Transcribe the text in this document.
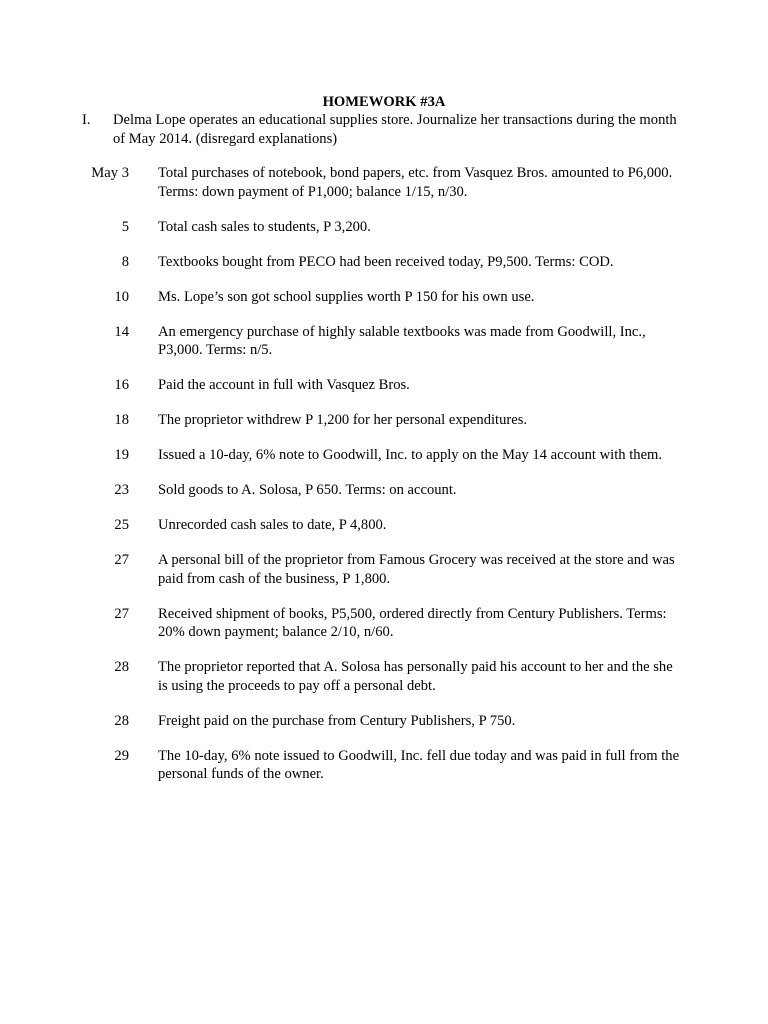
HOMEWORK #3A
I. Delma Lope operates an educational supplies store. Journalize her transactions during the month of May 2014. (disregard explanations)
May 3 Total purchases of notebook, bond papers, etc. from Vasquez Bros. amounted to P6,000. Terms: down payment of P1,000; balance 1/15, n/30.
5 Total cash sales to students, P 3,200.
8 Textbooks bought from PECO had been received today, P9,500. Terms: COD.
10 Ms. Lope’s son got school supplies worth P 150 for his own use.
14 An emergency purchase of highly salable textbooks was made from Goodwill, Inc., P3,000. Terms: n/5.
16 Paid the account in full with Vasquez Bros.
18 The proprietor withdrew P 1,200 for her personal expenditures.
19 Issued a 10-day, 6% note to Goodwill, Inc. to apply on the May 14 account with them.
23 Sold goods to A. Solosa, P 650. Terms: on account.
25 Unrecorded cash sales to date, P 4,800.
27 A personal bill of the proprietor from Famous Grocery was received at the store and was paid from cash of the business, P 1,800.
27 Received shipment of books, P5,500, ordered directly from Century Publishers. Terms: 20% down payment; balance 2/10, n/60.
28 The proprietor reported that A. Solosa has personally paid his account to her and the she is using the proceeds to pay off a personal debt.
28 Freight paid on the purchase from Century Publishers, P 750.
29 The 10-day, 6% note issued to Goodwill, Inc. fell due today and was paid in full from the personal funds of the owner.
